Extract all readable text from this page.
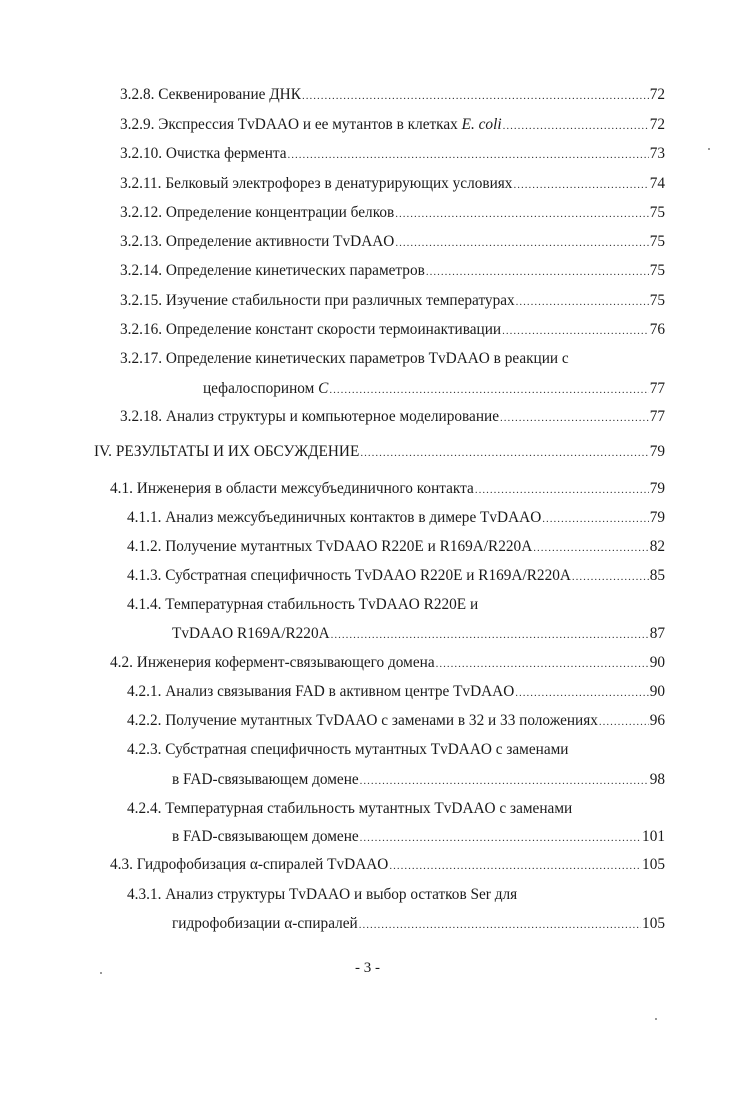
3.2.8. Секвенирование ДНК .....	72
3.2.9. Экспрессия TvDAAO и ее мутантов в клетках E. coli .....	72
3.2.10. Очистка фермента .....	73
3.2.11. Белковый электрофорез в денатурирующих условиях .....	74
3.2.12. Определение концентрации белков .....	75
3.2.13. Определение активности TvDAAO .....	75
3.2.14. Определение кинетических параметров .....	75
3.2.15. Изучение стабильности при различных температурах .....	75
3.2.16. Определение констант скорости термоинактивации .....	76
3.2.17. Определение кинетических параметров TvDAAO в реакции с
цефалоспорином C .....	77
3.2.18. Анализ структуры и компьютерное моделирование .....	77
IV. РЕЗУЛЬТАТЫ И ИХ ОБСУЖДЕНИЕ .....	79
4.1. Инженерия в области межсубъединичного контакта .....	79
4.1.1. Анализ межсубъединичных контактов в димере TvDAAO .....	79
4.1.2. Получение мутантных TvDAAO R220E и R169A/R220A .....	82
4.1.3. Субстратная специфичность TvDAAO R220E и R169A/R220A .....	85
4.1.4. Температурная стабильность TvDAAO R220E и
TvDAAO R169A/R220A .....	87
4.2. Инженерия кофермент-связывающего домена .....	90
4.2.1. Анализ связывания FAD в активном центре TvDAAO .....	90
4.2.2. Получение мутантных TvDAAO с заменами в 32 и 33 положениях .....	96
4.2.3. Субстратная специфичность мутантных TvDAAO с заменами
в FAD-связывающем домене .....	98
4.2.4. Температурная стабильность мутантных TvDAAO с заменами
в FAD-связывающем домене .....	101
4.3. Гидрофобизация α-спиралей TvDAAO .....	105
4.3.1. Анализ структуры TvDAAO и выбор остатков Ser для
гидрофобизации α-спиралей .....	105
- 3 -
